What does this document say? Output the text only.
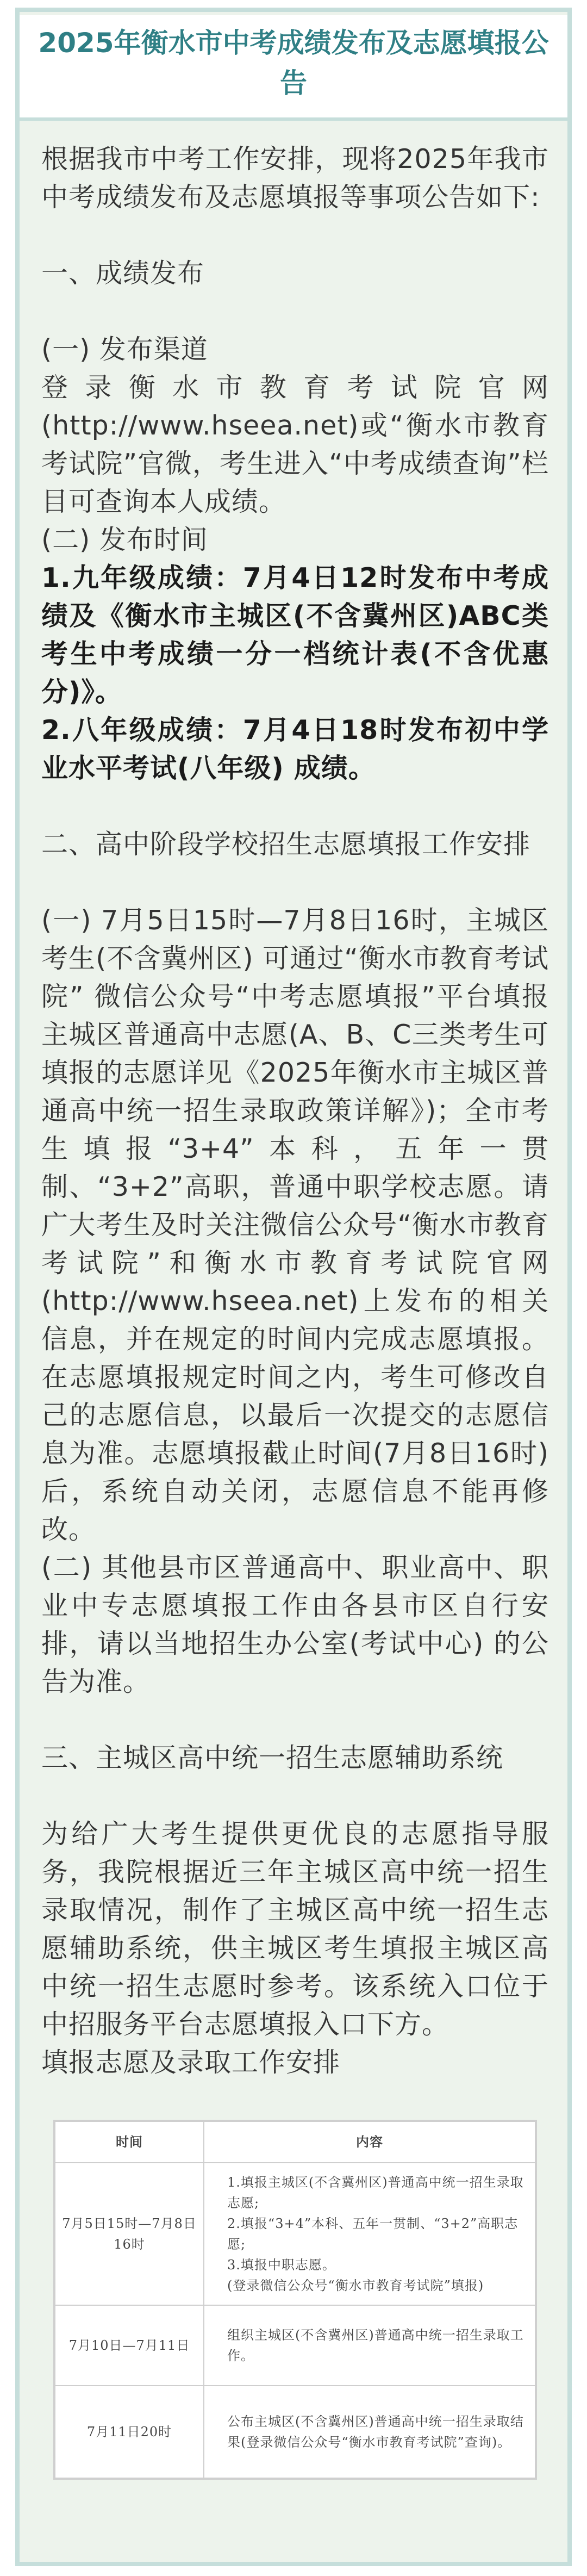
2025年衡水市中考成绩发布及志愿填报公告

根据我市中考工作安排，现将2025年我市中考成绩发布及志愿填报等事项公告如下:

一、成绩发布

(一) 发布渠道

登录衡水市教育考试院官网(http://www.hseea.net)或“衡水市教育考试院”官微，考生进入“中考成绩查询”栏目可查询本人成绩。

(二) 发布时间

1.九年级成绩：7月4日12时发布中考成绩及《衡水市主城区(不含冀州区)ABC类考生中考成绩一分一档统计表(不含优惠分)》。

2.八年级成绩：7月4日18时发布初中学业水平考试(八年级) 成绩。

二、高中阶段学校招生志愿填报工作安排

(一) 7月5日15时—7月8日16时，主城区考生(不含冀州区) 可通过“衡水市教育考试院” 微信公众号“中考志愿填报”平台填报主城区普通高中志愿(A、B、C三类考生可填报的志愿详见《2025年衡水市主城区普通高中统一招生录取政策详解》)；全市考生填报“3+4”本科，五年一贯制、“3+2”高职，普通中职学校志愿。请广大考生及时关注微信公众号“衡水市教育考试院”和衡水市教育考试院官网(http://www.hseea.net)上发布的相关信息，并在规定的时间内完成志愿填报。在志愿填报规定时间之内，考生可修改自己的志愿信息，以最后一次提交的志愿信息为准。志愿填报截止时间(7月8日16时) 后，系统自动关闭，志愿信息不能再修改。

(二) 其他县市区普通高中、职业高中、职业中专志愿填报工作由各县市区自行安排，请以当地招生办公室(考试中心) 的公告为准。

三、主城区高中统一招生志愿辅助系统

为给广大考生提供更优良的志愿指导服务，我院根据近三年主城区高中统一招生录取情况，制作了主城区高中统一招生志愿辅助系统，供主城区考生填报主城区高中统一招生志愿时参考。该系统入口位于中招服务平台志愿填报入口下方。

填报志愿及录取工作安排

时间	内容
7月5日15时—7月8日16时	1.填报主城区(不含冀州区)普通高中统一招生录取志愿;
2.填报“3+4”本科、五年一贯制、“3+2”高职志愿;
3.填报中职志愿。
(登录微信公众号“衡水市教育考试院”填报)

7月10日—7月11日	组织主城区(不含冀州区)普通高中统一招生录取工作。

7月11日20时	公布主城区(不含冀州区)普通高中统一招生录取结果(登录微信公众号“衡水市教育考试院”查询)。
